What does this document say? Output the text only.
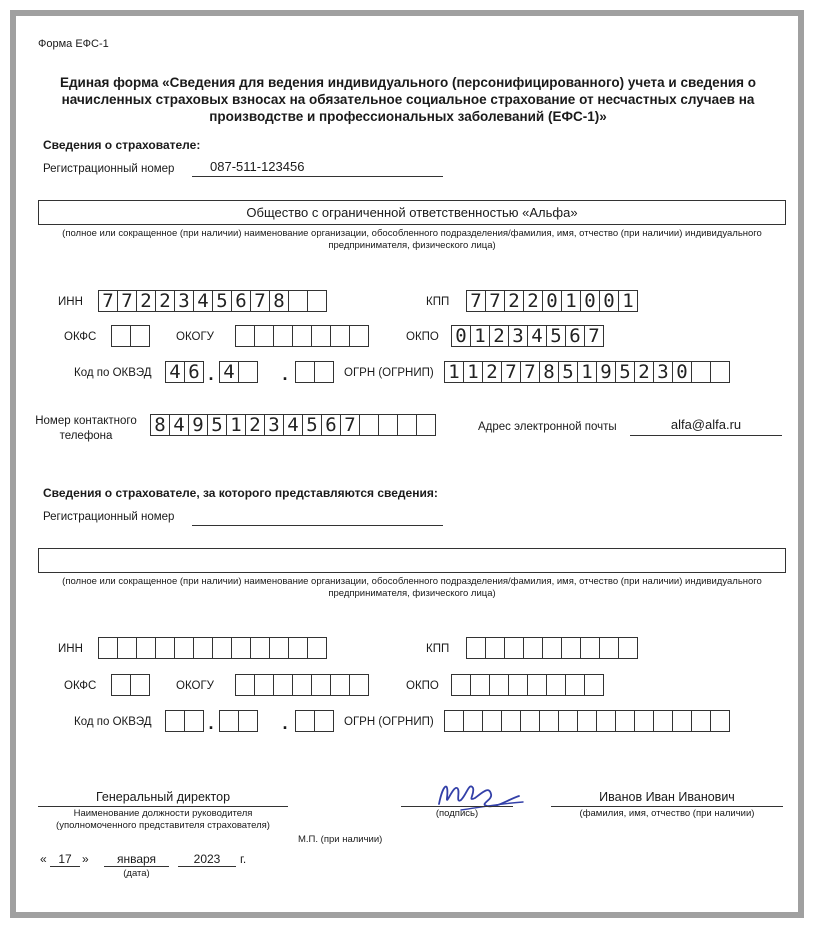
Форма ЕФС-1
Единая форма «Сведения для ведения индивидуального (персонифицированного) учета и сведения о начисленных страховых взносах на обязательное социальное страхование от несчастных случаев на производстве и профессиональных заболеваний (ЕФС-1)»
Сведения о страхователе:
Регистрационный номер	087-511-123456
Общество с ограниченной ответственностью «Альфа»
(полное или сокращенное (при наличии) наименование организации, обособленного подразделения/фамилия, имя, отчество (при наличии) индивидуального предпринимателя, физического лица)
ИНН 7 7 2 2 3 4 5 6 7 8	КПП 7 7 2 2 0 1 0 0 1
ОКФС	ОКОГУ	ОКПО 0 1 2 3 4 5 6 7
Код по ОКВЭД 4 6 . 4	.	ОГРН (ОГРНИП) 1 1 2 7 7 8 5 1 9 5 2 3 0
Номер контактного телефона	8 4 9 5 1 2 3 4 5 6 7	Адрес электронной почты	alfa@alfa.ru
Сведения о страхователе, за которого представляются сведения:
Регистрационный номер
(полное или сокращенное (при наличии) наименование организации, обособленного подразделения/фамилия, имя, отчество (при наличии) индивидуального предпринимателя, физического лица)
ИНН	КПП
ОКФС	ОКОГУ	ОКПО
Код по ОКВЭД	.	.	ОГРН (ОГРНИП)
Генеральный директор
Наименование должности руководителя (уполномоченного представителя страхователя)
(подпись)
Иванов Иван Иванович
(фамилия, имя, отчество (при наличии)
М.П. (при наличии)
« 17 »	января	2023	г.
(дата)
